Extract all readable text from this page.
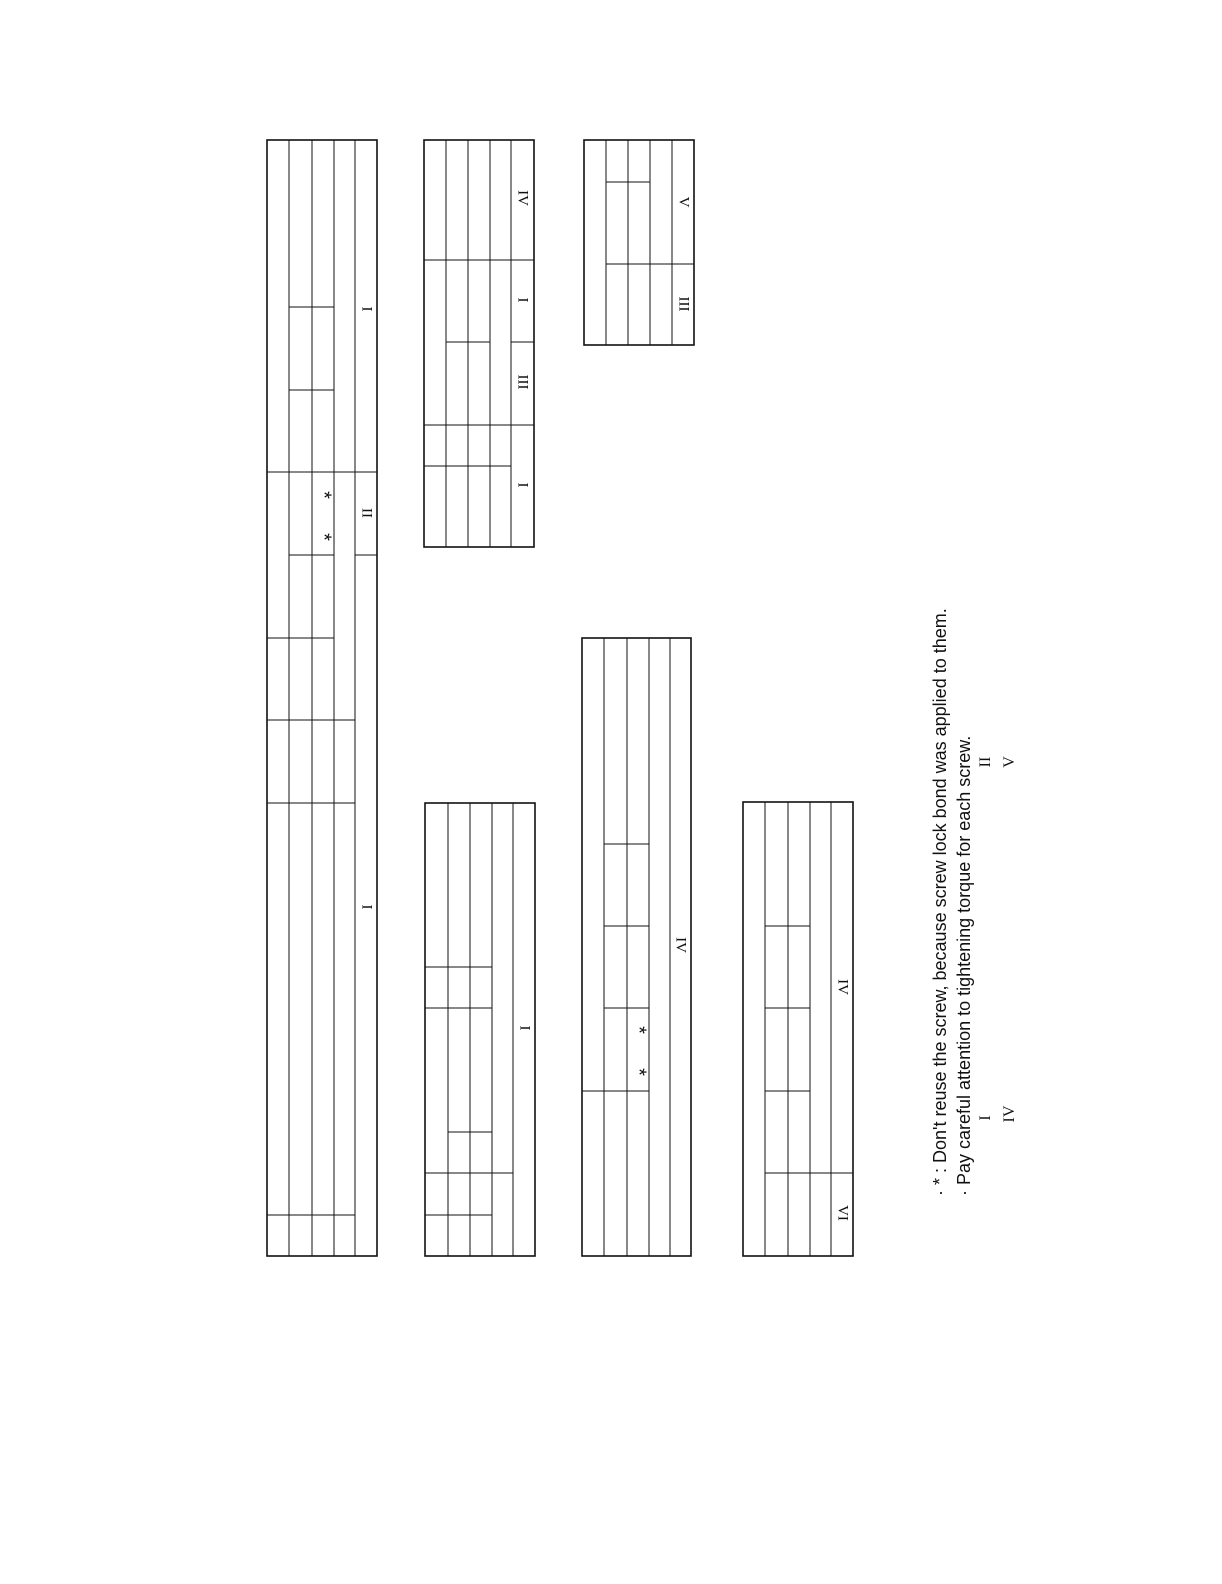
I
II
I
*
*
IV
I
III
I
V
III
I
IV
*
*
IV
VI
· * : Don't reuse the screw, because screw lock bond was applied to them. · Pay careful attention to tightening torque for each screw. I IV
II V
